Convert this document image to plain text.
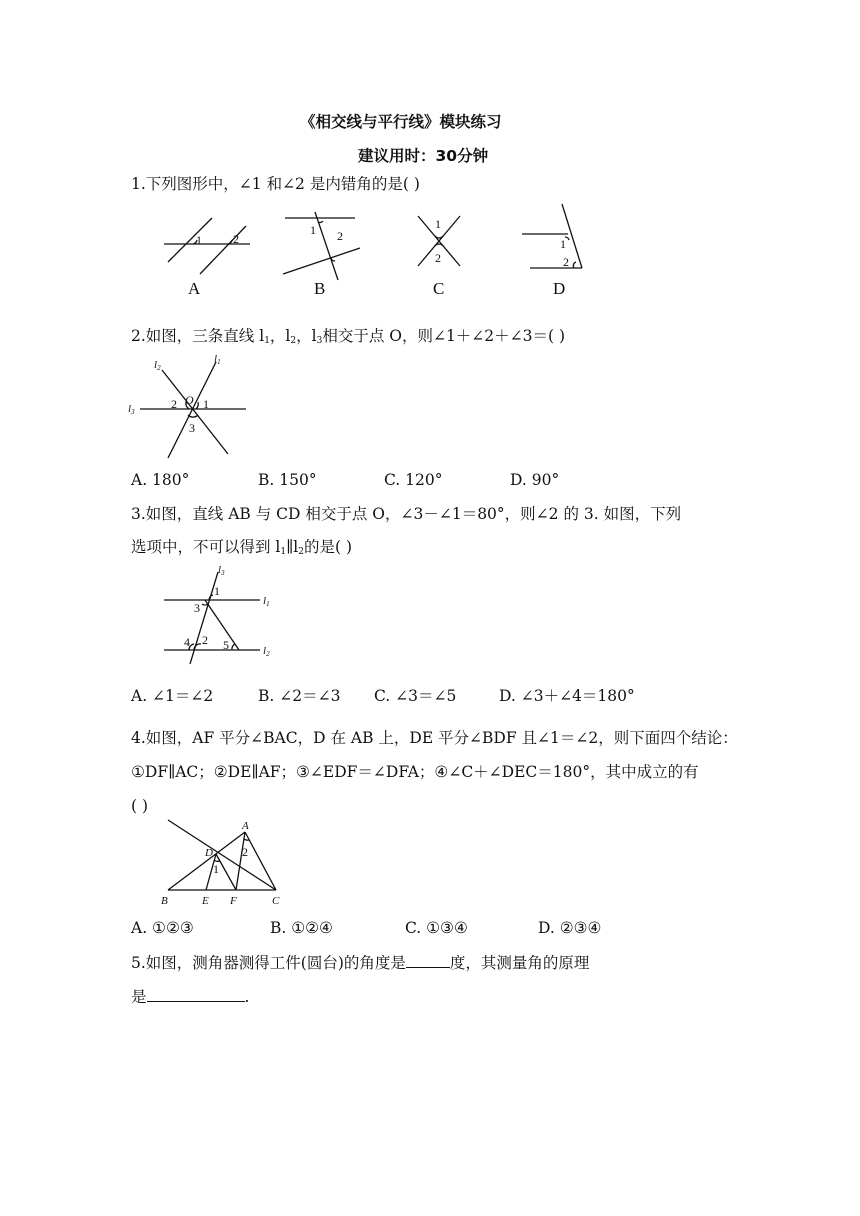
《相交线与平行线》模块练习
建议用时：30分钟
1.下列图形中，∠1 和∠2 是内错角的是( )
1	2
A
1 2
B
1
2
C
1
2
D
2.如图，三条直线 $l_1$，$l_2$，$l_3$相交于点 O，则∠1＋∠2＋∠3＝( )
l2
l1
l3
O
2 1
3
A. 180°	B. 150°	C. 120°	D. 90°
3.如图，直线 AB 与 CD 相交于点 O，∠3－∠1＝80°，则∠2 的 3. 如图，下列
选项中，不可以得到 $l_1\parallel l_2$的是( )
l3
l1
l2
1
3
4 2 5
A. ∠1＝∠2	B. ∠2＝∠3 C. ∠3＝∠5	D. ∠3＋∠4＝180°
4.如图，AF 平分∠BAC，D 在 AB 上，DE 平分∠BDF 且∠1＝∠2，则下面四个结论：
①DF∥AC；②DE∥AF；③∠EDF＝∠DFA；④∠C＋∠DEC＝180°，其中成立的有
( )
A
D
B	E F	C
1
2
A. ①②③	B. ①②④	C. ①③④	D. ②③④
5.如图，测角器测得工件(圆台)的角度是	度，其测量角的原理
是	.
